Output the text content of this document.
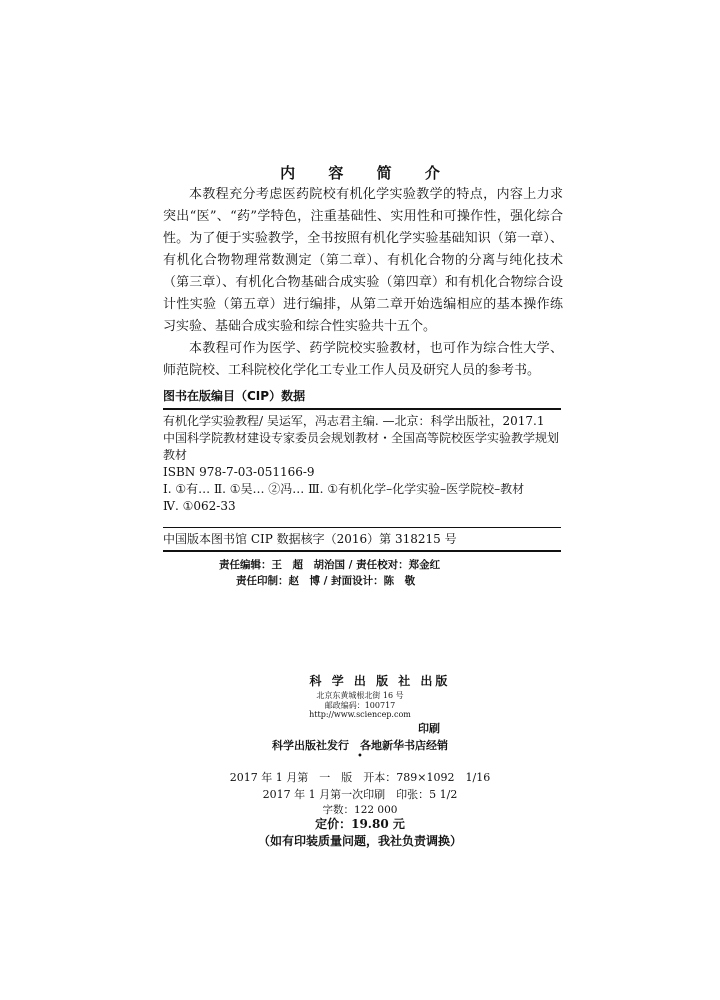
内 容 简 介

本教程充分考虑医药院校有机化学实验教学的特点，内容上力求突出“医”、“药”学特色，注重基础性、实用性和可操作性，强化综合性。为了便于实验教学，全书按照有机化学实验基础知识（第一章）、有机化合物物理常数测定（第二章）、有机化合物的分离与纯化技术（第三章）、有机化合物基础合成实验（第四章）和有机化合物综合设计性实验（第五章）进行编排，从第二章开始选编相应的基本操作练习实验、基础合成实验和综合性实验共十五个。

本教程可作为医学、药学院校实验教材，也可作为综合性大学、师范院校、工科院校化学化工专业工作人员及研究人员的参考书。

图书在版编目（CIP）数据
有机化学实验教程/ 吴运军，冯志君主编. —北京：科学出版社，2017.1
中国科学院教材建设专家委员会规划教材・全国高等院校医学实验教学规划教材
ISBN 978-7-03-051166-9
Ⅰ. ①有… Ⅱ. ①吴… ②冯… Ⅲ. ①有机化学–化学实验–医学院校–教材
Ⅳ. ①062-33
中国版本图书馆 CIP 数据核字（2016）第 318215 号
责任编辑：王　超　胡治国 / 责任校对：郑金红
责任印制：赵　博 / 封面设计：陈　敬
科 学 出 版 社 出版
北京东黄城根北街 16 号
邮政编码：100717
http://www.sciencep.com
印刷
科学出版社发行　各地新华书店经销
•
2017 年 1 月第　一　版　开本：789×1092　1/16
2017 年 1 月第一次印刷　印张：5 1/2
字数：122 000
定价：19.80 元
（如有印装质量问题，我社负责调换）
